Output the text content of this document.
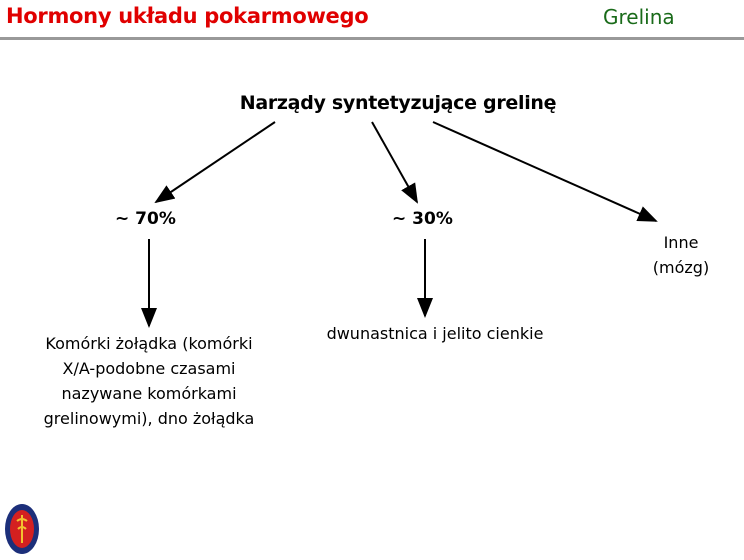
Hormony układu pokarmowego	Grelina
Narządy syntetyzujące grelinę
~ 70%	~ 30%
Komórki żołądka (komórki
X/A-podobne czasami
nazywane komórkami
grelinowymi), dno żołądka
dwunastnica i jelito cienkie
Inne
(mózg)
